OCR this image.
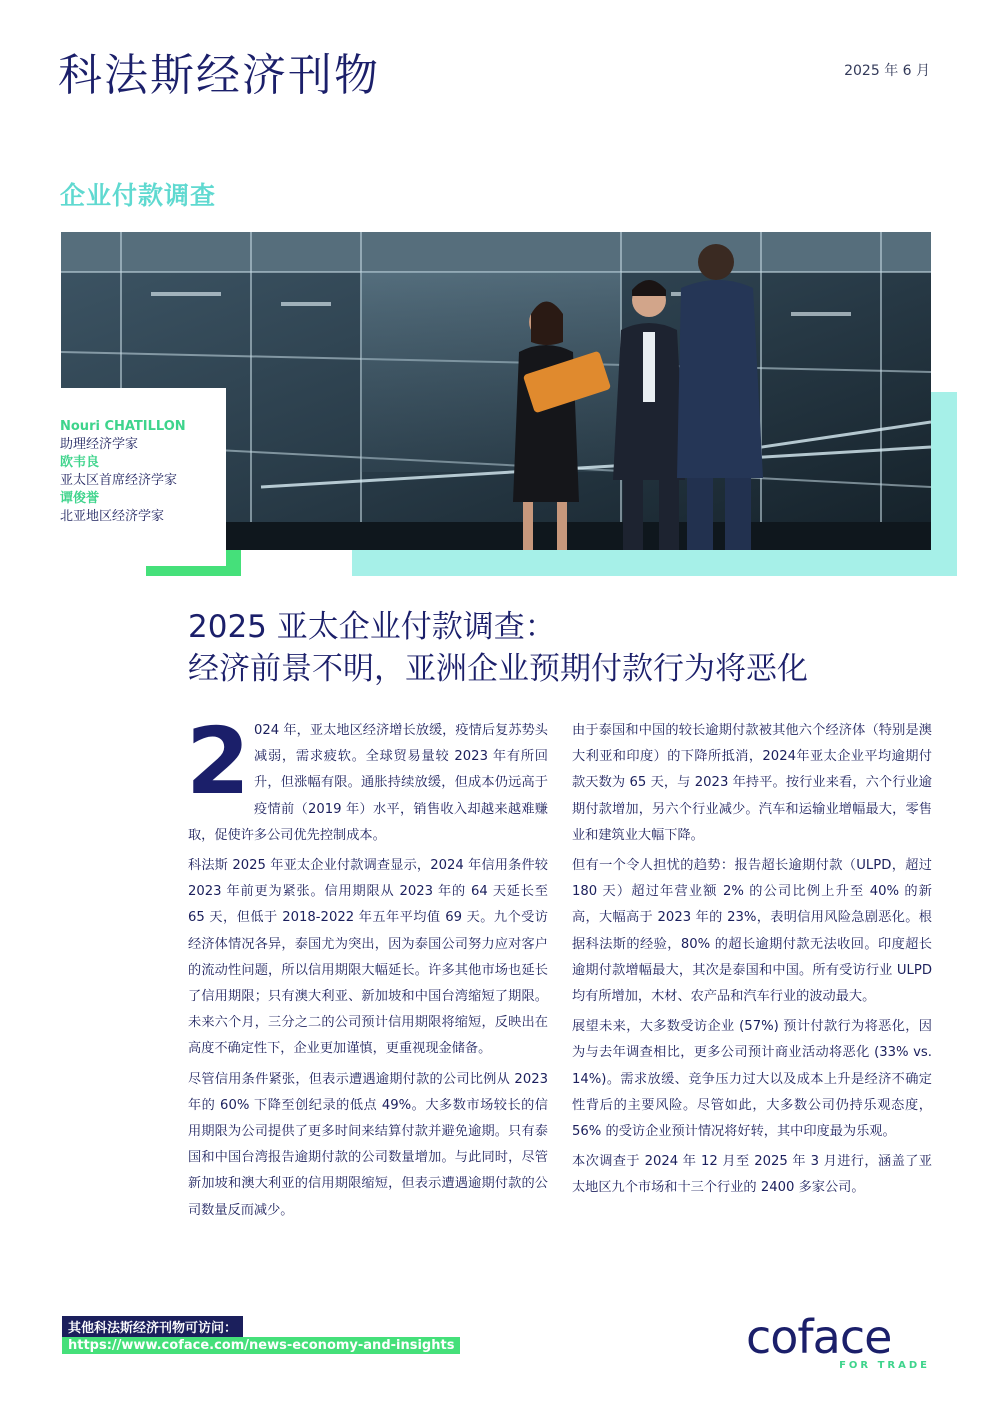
科法斯经济刊物	2025 年 6 月
企业付款调查
Nouri CHATILLON
助理经济学家
欧韦良
亚太区首席经济学家
谭俊誉
北亚地区经济学家
2025 亚太企业付款调查：
经济前景不明，亚洲企业预期付款行为将恶化

2 024 年，亚太地区经济增长放缓，疫情后复苏势头减弱，需求疲软。全球贸易量较 2023 年有所回升，但涨幅有限。通胀持续放缓，但成本仍远高于疫情前（2019 年）水平，销售收入却越来越难赚取，促使许多公司优先控制成本。

科法斯 2025 年亚太企业付款调查显示，2024 年信用条件较 2023 年前更为紧张。信用期限从 2023 年的 64 天延长至 65 天，但低于 2018-2022 年五年平均值 69 天。九个受访经济体情况各异，泰国尤为突出，因为泰国公司努力应对客户的流动性问题，所以信用期限大幅延长。许多其他市场也延长了信用期限；只有澳大利亚、新加坡和中国台湾缩短了期限。未来六个月，三分之二的公司预计信用期限将缩短，反映出在高度不确定性下，企业更加谨慎，更重视现金储备。

尽管信用条件紧张，但表示遭遇逾期付款的公司比例从 2023 年的 60% 下降至创纪录的低点 49%。大多数市场较长的信用期限为公司提供了更多时间来结算付款并避免逾期。只有泰国和中国台湾报告逾期付款的公司数量增加。与此同时，尽管新加坡和澳大利亚的信用期限缩短，但表示遭遇逾期付款的公司数量反而减少。

由于泰国和中国的较长逾期付款被其他六个经济体（特别是澳大利亚和印度）的下降所抵消，2024年亚太企业平均逾期付款天数为 65 天，与 2023 年持平。按行业来看，六个行业逾期付款增加，另六个行业减少。汽车和运输业增幅最大，零售业和建筑业大幅下降。

但有一个令人担忧的趋势：报告超长逾期付款（ULPD，超过 180 天）超过年营业额 2% 的公司比例上升至 40% 的新高，大幅高于 2023 年的 23%，表明信用风险急剧恶化。根据科法斯的经验，80% 的超长逾期付款无法收回。印度超长逾期付款增幅最大，其次是泰国和中国。所有受访行业 ULPD 均有所增加，木材、农产品和汽车行业的波动最大。

展望未来，大多数受访企业 (57%) 预计付款行为将恶化，因为与去年调查相比，更多公司预计商业活动将恶化 (33% vs. 14%)。需求放缓、竞争压力过大以及成本上升是经济不确定性背后的主要风险。尽管如此，大多数公司仍持乐观态度，56% 的受访企业预计情况将好转，其中印度最为乐观。

本次调查于 2024 年 12 月至 2025 年 3 月进行，涵盖了亚太地区九个市场和十三个行业的 2400 多家公司。

其他科法斯经济刊物可访问：
https://www.coface.com/news-economy-and-insights	coface
FOR TRADE
